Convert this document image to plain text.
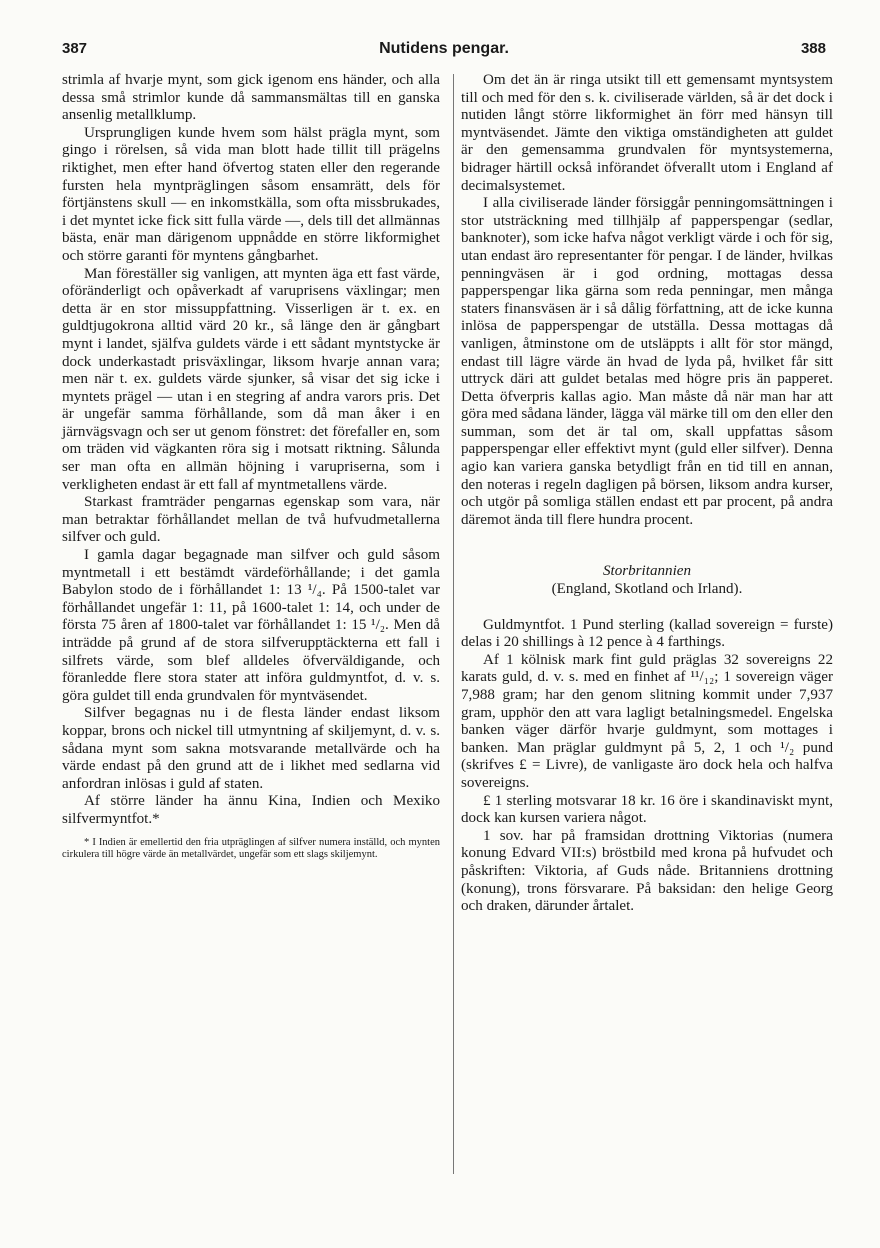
387	Nutidens pengar.	388

strimla af hvarje mynt, som gick igenom ens händer, och alla dessa små strimlor kunde då sammansmältas till en ganska ansenlig metallklump.

Ursprungligen kunde hvem som hälst prägla mynt, som gingo i rörelsen, så vida man blott hade tillit till prägelns riktighet, men efter hand öfvertog staten eller den regerande fursten hela myntpräglingen såsom ensamrätt, dels för förtjänstens skull — en inkomstkälla, som ofta missbrukades, i det myntet icke fick sitt fulla värde —, dels till det allmännas bästa, enär man därigenom uppnådde en större likformighet och större garanti för myntens gångbarhet.

Man föreställer sig vanligen, att mynten äga ett fast värde, oföränderligt och opåverkadt af varuprisens växlingar; men detta är en stor missuppfattning. Visserligen är t. ex. en guldtjugokrona alltid värd 20 kr., så länge den är gångbart mynt i landet, själfva guldets värde i ett sådant myntstycke är dock underkastadt prisväxlingar, liksom hvarje annan vara; men när t. ex. guldets värde sjunker, så visar det sig icke i myntets prägel — utan i en stegring af andra varors pris. Det är ungefär samma förhållande, som då man åker i en järnvägsvagn och ser ut genom fönstret: det förefaller en, som om träden vid vägkanten röra sig i motsatt riktning. Sålunda ser man ofta en allmän höjning i varupriserna, som i verkligheten endast är ett fall af myntmetallens värde.

Starkast framträder pengarnas egenskap som vara, när man betraktar förhållandet mellan de två hufvudmetallerna silfver och guld.

I gamla dagar begagnade man silfver och guld såsom myntmetall i ett bestämdt värdeförhållande; i det gamla Babylon stodo de i förhållandet 1: 13 ¹/₄. På 1500-talet var förhållandet ungefär 1: 11, på 1600-talet 1: 14, och under de första 75 åren af 1800-talet var förhållandet 1: 15 ¹/₂. Men då inträdde på grund af de stora silfverupptäckterna ett fall i silfrets värde, som blef alldeles öfverväldigande, och föranledde flere stora stater att införa guldmyntfot, d. v. s. göra guldet till enda grundvalen för myntväsendet.

Silfver begagnas nu i de flesta länder endast liksom koppar, brons och nickel till utmyntning af skiljemynt, d. v. s. sådana mynt som sakna motsvarande metallvärde och ha värde endast på den grund att de i likhet med sedlarna vid anfordran inlösas i guld af staten.

Af större länder ha ännu Kina, Indien och Mexiko silfvermyntfot.*

* I Indien är emellertid den fria utpräglingen af silfver numera inställd, och mynten cirkulera till högre värde än metallvärdet, ungefär som ett slags skiljemynt.

Om det än är ringa utsikt till ett gemensamt myntsystem till och med för den s. k. civiliserade världen, så är det dock i nutiden långt större likformighet än förr med hänsyn till myntväsendet. Jämte den viktiga omständigheten att guldet är den gemensamma grundvalen för myntsystemerna, bidrager härtill också införandet öfverallt utom i England af decimalsystemet.

I alla civiliserade länder försiggår penningomsättningen i stor utsträckning med tillhjälp af papperspengar (sedlar, banknoter), som icke hafva något verkligt värde i och för sig, utan endast äro representanter för pengar. I de länder, hvilkas penningväsen är i god ordning, mottagas dessa papperspengar lika gärna som reda penningar, men många staters finansväsen är i så dålig författning, att de icke kunna inlösa de papperspengar de utställa. Dessa mottagas då vanligen, åtminstone om de utsläppts i allt för stor mängd, endast till lägre värde än hvad de lyda på, hvilket får sitt uttryck däri att guldet betalas med högre pris än papperet. Detta öfverpris kallas agio. Man måste då när man har att göra med sådana länder, lägga väl märke till om den eller den summan, som det är tal om, skall uppfattas såsom papperspengar eller effektivt mynt (guld eller silfver). Denna agio kan variera ganska betydligt från en tid till en annan, den noteras i regeln dagligen på börsen, liksom andra kurser, och utgör på somliga ställen endast ett par procent, på andra däremot ända till flere hundra procent.

Storbritannien
(England, Skotland och Irland).

Guldmyntfot. 1 Pund sterling (kallad sovereign = furste) delas i 20 shillings à 12 pence à 4 farthings.

Af 1 kölnisk mark fint guld präglas 32 sovereigns 22 karats guld, d. v. s. med en finhet af ¹¹/₁₂; 1 sovereign väger 7,988 gram; har den genom slitning kommit under 7,937 gram, upphör den att vara lagligt betalningsmedel. Engelska banken väger därför hvarje guldmynt, som mottages i banken. Man präglar guldmynt på 5, 2, 1 och ¹/₂ pund (skrifves £ = Livre), de vanligaste äro dock hela och halfva sovereigns.

£ 1 sterling motsvarar 18 kr. 16 öre i skandinaviskt mynt, dock kan kursen variera något.

1 sov. har på framsidan drottning Viktorias (numera konung Edvard VII:s) bröstbild med krona på hufvudet och påskriften: Viktoria, af Guds nåde. Britanniens drottning (konung), trons försvarare. På baksidan: den helige Georg och draken, därunder årtalet.
